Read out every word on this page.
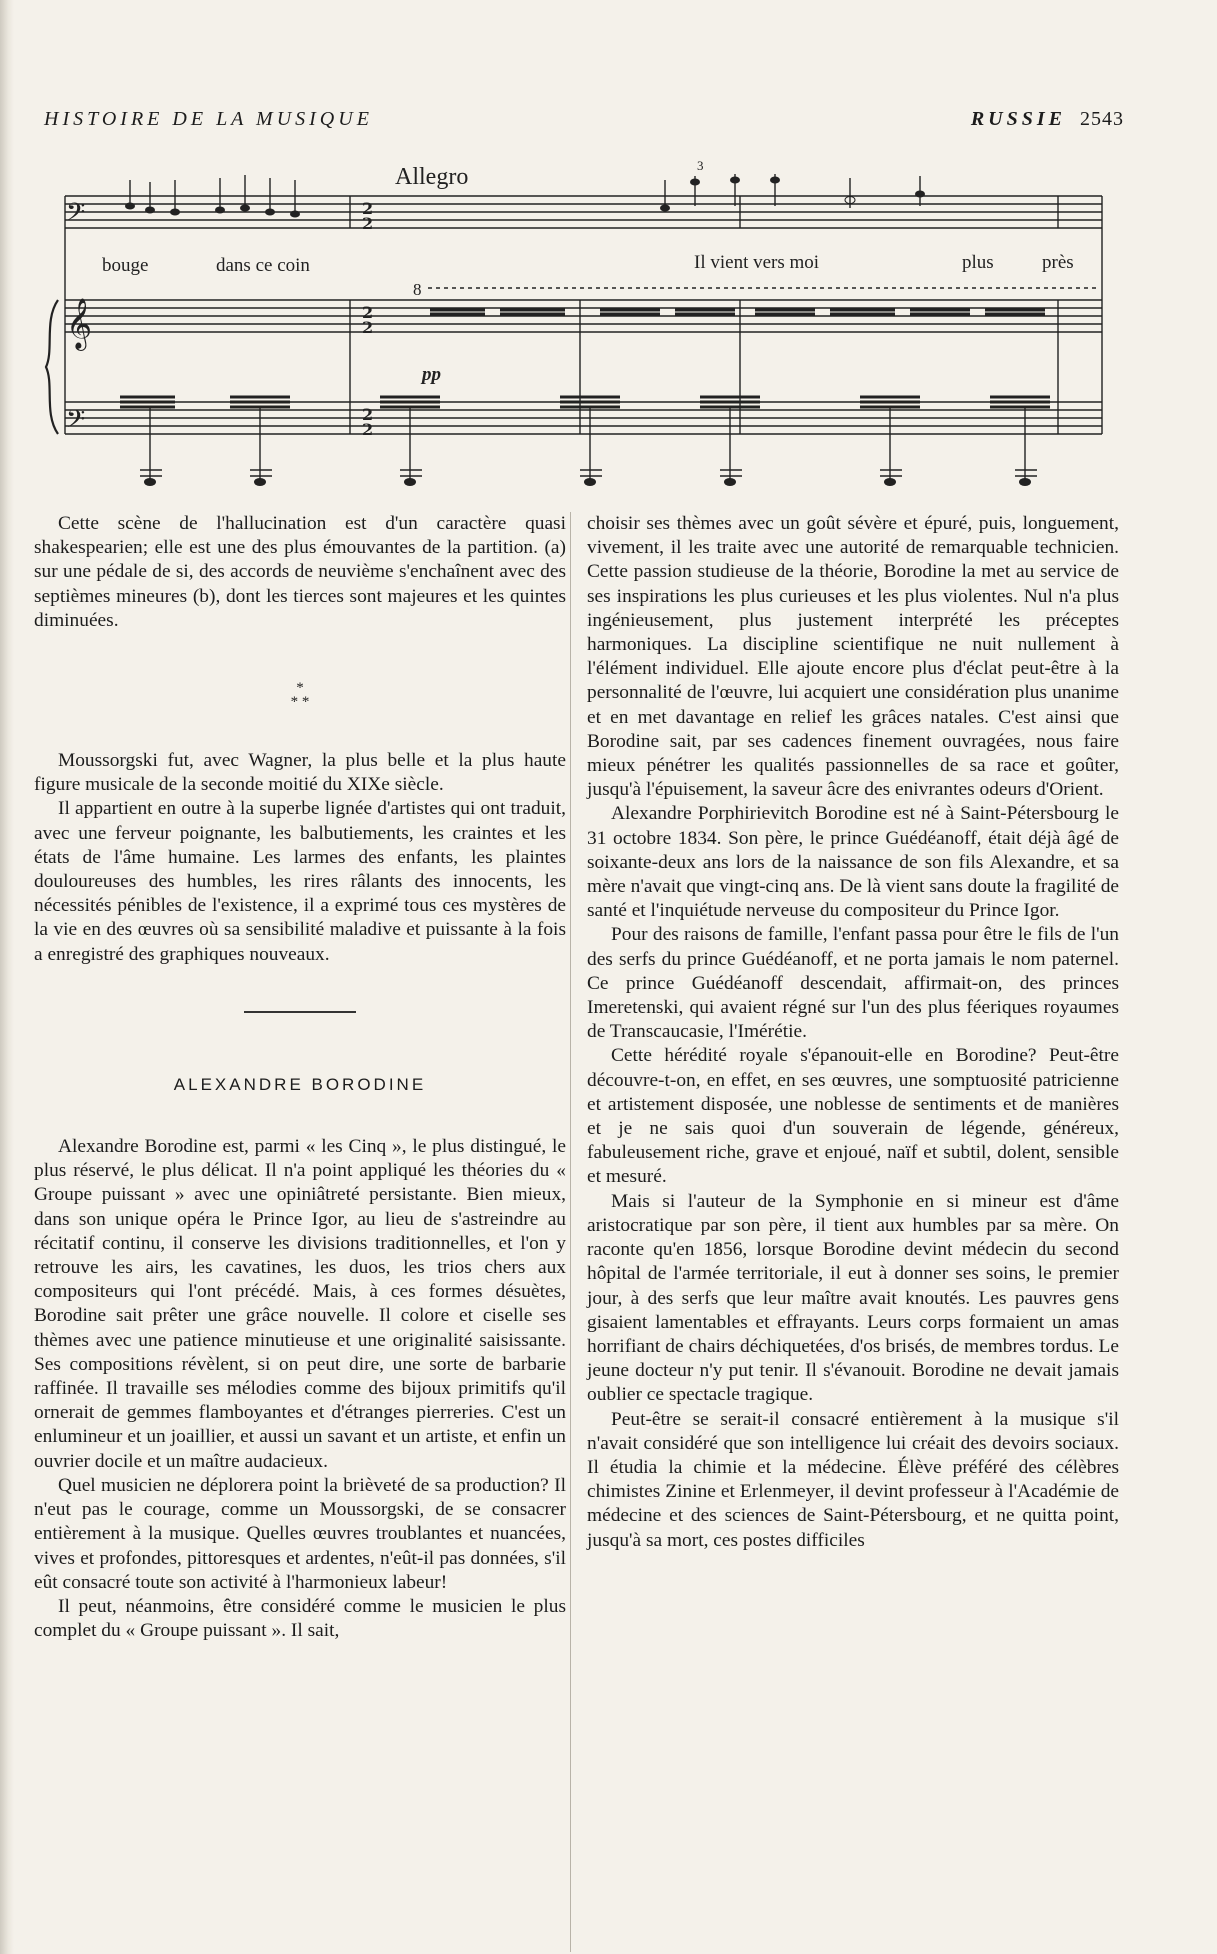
HISTOIRE DE LA MUSIQUE	RUSSIE 2543
𝄢
𝄞
𝄢
2
2
2
2
2
2
Allegro	3
bouge	dans ce coin	Il vient vers moi	plus	près
8
pp

Cette scène de l'hallucination est d'un caractère quasi shakespearien; elle est une des plus émouvantes de la partition. (a) sur une pédale de si, des accords de neuvième s'enchaînent avec des septièmes mineures (b), dont les tierces sont majeures et les quintes diminuées.

*
* *

Moussorgski fut, avec Wagner, la plus belle et la plus haute figure musicale de la seconde moitié du XIXe siècle.

Il appartient en outre à la superbe lignée d'artistes qui ont traduit, avec une ferveur poignante, les balbutiements, les craintes et les états de l'âme humaine. Les larmes des enfants, les plaintes douloureuses des humbles, les rires râlants des innocents, les nécessités pénibles de l'existence, il a exprimé tous ces mystères de la vie en des œuvres où sa sensibilité maladive et puissante à la fois a enregistré des graphiques nouveaux.

ALEXANDRE BORODINE

Alexandre Borodine est, parmi « les Cinq », le plus distingué, le plus réservé, le plus délicat. Il n'a point appliqué les théories du « Groupe puissant » avec une opiniâtreté persistante. Bien mieux, dans son unique opéra le Prince Igor, au lieu de s'astreindre au récitatif continu, il conserve les divisions traditionnelles, et l'on y retrouve les airs, les cavatines, les duos, les trios chers aux compositeurs qui l'ont précédé. Mais, à ces formes désuètes, Borodine sait prêter une grâce nouvelle. Il colore et ciselle ses thèmes avec une patience minutieuse et une originalité saisissante. Ses compositions révèlent, si on peut dire, une sorte de barbarie raffinée. Il travaille ses mélodies comme des bijoux primitifs qu'il ornerait de gemmes flamboyantes et d'étranges pierreries. C'est un enlumineur et un joaillier, et aussi un savant et un artiste, et enfin un ouvrier docile et un maître audacieux.

Quel musicien ne déplorera point la brièveté de sa production? Il n'eut pas le courage, comme un Moussorgski, de se consacrer entièrement à la musique. Quelles œuvres troublantes et nuancées, vives et profondes, pittoresques et ardentes, n'eût-il pas données, s'il eût consacré toute son activité à l'harmonieux labeur!

Il peut, néanmoins, être considéré comme le musicien le plus complet du « Groupe puissant ». Il sait,

choisir ses thèmes avec un goût sévère et épuré, puis, longuement, vivement, il les traite avec une autorité de remarquable technicien. Cette passion studieuse de la théorie, Borodine la met au service de ses inspirations les plus curieuses et les plus violentes. Nul n'a plus ingénieusement, plus justement interprété les préceptes harmoniques. La discipline scientifique ne nuit nullement à l'élément individuel. Elle ajoute encore plus d'éclat peut-être à la personnalité de l'œuvre, lui acquiert une considération plus unanime et en met davantage en relief les grâces natales. C'est ainsi que Borodine sait, par ses cadences finement ouvragées, nous faire mieux pénétrer les qualités passionnelles de sa race et goûter, jusqu'à l'épuisement, la saveur âcre des enivrantes odeurs d'Orient.

Alexandre Porphirievitch Borodine est né à Saint-Pétersbourg le 31 octobre 1834. Son père, le prince Guédéanoff, était déjà âgé de soixante-deux ans lors de la naissance de son fils Alexandre, et sa mère n'avait que vingt-cinq ans. De là vient sans doute la fragilité de santé et l'inquiétude nerveuse du compositeur du Prince Igor.

Pour des raisons de famille, l'enfant passa pour être le fils de l'un des serfs du prince Guédéanoff, et ne porta jamais le nom paternel. Ce prince Guédéanoff descendait, affirmait-on, des princes Imeretenski, qui avaient régné sur l'un des plus féeriques royaumes de Transcaucasie, l'Imérétie.

Cette hérédité royale s'épanouit-elle en Borodine? Peut-être découvre-t-on, en effet, en ses œuvres, une somptuosité patricienne et artistement disposée, une noblesse de sentiments et de manières et je ne sais quoi d'un souverain de légende, généreux, fabuleusement riche, grave et enjoué, naïf et subtil, dolent, sensible et mesuré.

Mais si l'auteur de la Symphonie en si mineur est d'âme aristocratique par son père, il tient aux humbles par sa mère. On raconte qu'en 1856, lorsque Borodine devint médecin du second hôpital de l'armée territoriale, il eut à donner ses soins, le premier jour, à des serfs que leur maître avait knoutés. Les pauvres gens gisaient lamentables et effrayants. Leurs corps formaient un amas horrifiant de chairs déchiquetées, d'os brisés, de membres tordus. Le jeune docteur n'y put tenir. Il s'évanouit. Borodine ne devait jamais oublier ce spectacle tragique.

Peut-être se serait-il consacré entièrement à la musique s'il n'avait considéré que son intelligence lui créait des devoirs sociaux. Il étudia la chimie et la médecine. Élève préféré des célèbres chimistes Zinine et Erlenmeyer, il devint professeur à l'Académie de médecine et des sciences de Saint-Pétersbourg, et ne quitta point, jusqu'à sa mort, ces postes difficiles
